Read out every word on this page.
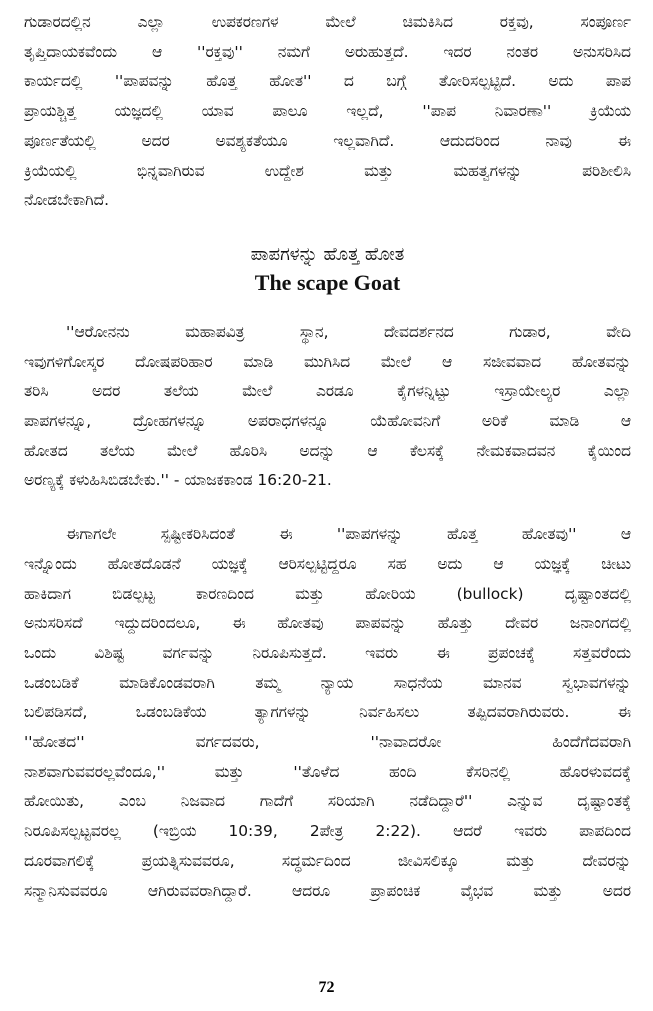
ಗುಡಾರದಲ್ಲಿನ ಎಲ್ಲಾ ಉಪಕರಣಗಳ ಮೇಲೆ ಚಿಮಕಿಸಿದ ರಕ್ತವು, ಸಂಪೂರ್ಣ

ತೃಪ್ತಿದಾಯಕವೆಂದು ಆ ''ರಕ್ತವು'' ನಮಗೆ ಅರುಹುತ್ತದೆ. ಇದರ ನಂತರ ಅನುಸರಿಸಿದ

ಕಾರ್ಯದಲ್ಲಿ ''ಪಾಪವನ್ನು ಹೊತ್ತ ಹೋತ'' ದ ಬಗ್ಗೆ ತೋರಿಸಲ್ಪಟ್ಟಿದೆ. ಅದು ಪಾಪ

ಪ್ರಾಯಶ್ಚಿತ್ತ ಯಜ್ಞದಲ್ಲಿ ಯಾವ ಪಾಲೂ ಇಲ್ಲದೆ, ''ಪಾಪ ನಿವಾರಣಾ'' ಕ್ರಿಯೆಯ

ಪೂರ್ಣತೆಯಲ್ಲಿ ಅದರ ಅವಶ್ಯಕತೆಯೂ ಇಲ್ಲವಾಗಿದೆ. ಆದುದರಿಂದ ನಾವು ಈ

ಕ್ರಿಯೆಯಲ್ಲಿ ಭಿನ್ನವಾಗಿರುವ ಉದ್ದೇಶ ಮತ್ತು ಮಹತ್ವಗಳನ್ನು ಪರಿಶೀಲಿಸಿ

ನೋಡಬೇಕಾಗಿದೆ.

ಪಾಪಗಳನ್ನು ಹೊತ್ತ ಹೋತ

The scape Goat

''ಆರೋನನು ಮಹಾಪವಿತ್ರ ಸ್ಥಾನ, ದೇವದರ್ಶನದ ಗುಡಾರ, ವೇದಿ

ಇವುಗಳಿಗೋಸ್ಕರ ದೋಷಪರಿಹಾರ ಮಾಡಿ ಮುಗಿಸಿದ ಮೇಲೆ ಆ ಸಜೀವವಾದ ಹೋತವನ್ನು

ತರಿಸಿ ಅದರ ತಲೆಯ ಮೇಲೆ ಎರಡೂ ಕೈಗಳನ್ನಿಟ್ಟು ಇಸ್ರಾಯೇಲ್ಯರ ಎಲ್ಲಾ

ಪಾಪಗಳನ್ನೂ, ದ್ರೋಹಗಳನ್ನೂ ಅಪರಾಧಗಳನ್ನೂ ಯೆಹೋವನಿಗೆ ಅರಿಕೆ ಮಾಡಿ ಆ

ಹೋತದ ತಲೆಯ ಮೇಲೆ ಹೊರಿಸಿ ಅದನ್ನು ಆ ಕೆಲಸಕ್ಕೆ ನೇಮಕವಾದವನ ಕೈಯಿಂದ

ಅರಣ್ಯಕ್ಕೆ ಕಳುಹಿಸಿಬಿಡಬೇಕು.'' - ಯಾಜಕಕಾಂಡ 16:20-21.

ಈಗಾಗಲೇ ಸ್ಪಷ್ಟೀಕರಿಸಿದಂತೆ ಈ ''ಪಾಪಗಳನ್ನು ಹೊತ್ತ ಹೋತವು'' ಆ

ಇನ್ನೊಂದು ಹೋತದೊಡನೆ ಯಜ್ಞಕ್ಕೆ ಆರಿಸಲ್ಪಟ್ಟಿದ್ದರೂ ಸಹ ಅದು ಆ ಯಜ್ಞಕ್ಕೆ ಚೀಟು

ಹಾಕಿದಾಗ ಬಿಡಲ್ಪಟ್ಟ ಕಾರಣದಿಂದ ಮತ್ತು ಹೋರಿಯ (bullock) ದೃಷ್ಟಾಂತದಲ್ಲಿ

ಅನುಸರಿಸದೆ ಇದ್ದುದರಿಂದಲೂ, ಈ ಹೋತವು ಪಾಪವನ್ನು ಹೊತ್ತು ದೇವರ ಜನಾಂಗದಲ್ಲಿ

ಒಂದು ವಿಶಿಷ್ಟ ವರ್ಗವನ್ನು ನಿರೂಪಿಸುತ್ತದೆ. ಇವರು ಈ ಪ್ರಪಂಚಕ್ಕೆ ಸತ್ತವರೆಂದು

ಒಡಂಬಡಿಕೆ ಮಾಡಿಕೊಂಡವರಾಗಿ ತಮ್ಮ ನ್ಯಾಯ ಸಾಧನೆಯ ಮಾನವ ಸ್ವಭಾವಗಳನ್ನು

ಬಲಿಪಡಿಸದೆ, ಒಡಂಬಡಿಕೆಯ ತ್ಯಾಗಗಳನ್ನು ನಿರ್ವಹಿಸಲು ತಪ್ಪಿದವರಾಗಿರುವರು. ಈ

''ಹೋತದ'' ವರ್ಗದವರು, ''ನಾವಾದರೋ ಹಿಂದೆಗೆದವರಾಗಿ

ನಾಶವಾಗುವವರಲ್ಲವೆಂದೂ,'' ಮತ್ತು ''ತೊಳೆದ ಹಂದಿ ಕೆಸರಿನಲ್ಲಿ ಹೊರಳುವದಕ್ಕೆ

ಹೋಯಿತು, ಎಂಬ ನಿಜವಾದ ಗಾದೆಗೆ ಸರಿಯಾಗಿ ನಡೆದಿದ್ದಾರೆ'' ಎನ್ನುವ ದೃಷ್ಟಾಂತಕ್ಕೆ

ನಿರೂಪಿಸಲ್ಪಟ್ಟವರಲ್ಲ (ಇಬ್ರಿಯ 10:39, 2ಪೇತ್ರ 2:22). ಆದರೆ ಇವರು ಪಾಪದಿಂದ

ದೂರವಾಗಲಿಕ್ಕೆ ಪ್ರಯತ್ನಿಸುವವರೂ, ಸದ್ಧರ್ಮದಿಂದ ಜೀವಿಸಲಿಕ್ಕೂ ಮತ್ತು ದೇವರನ್ನು

ಸನ್ಮಾನಿಸುವವರೂ ಆಗಿರುವವರಾಗಿದ್ದಾರೆ. ಆದರೂ ಪ್ರಾಪಂಚಿಕ ವೈಭವ ಮತ್ತು ಅದರ

72
